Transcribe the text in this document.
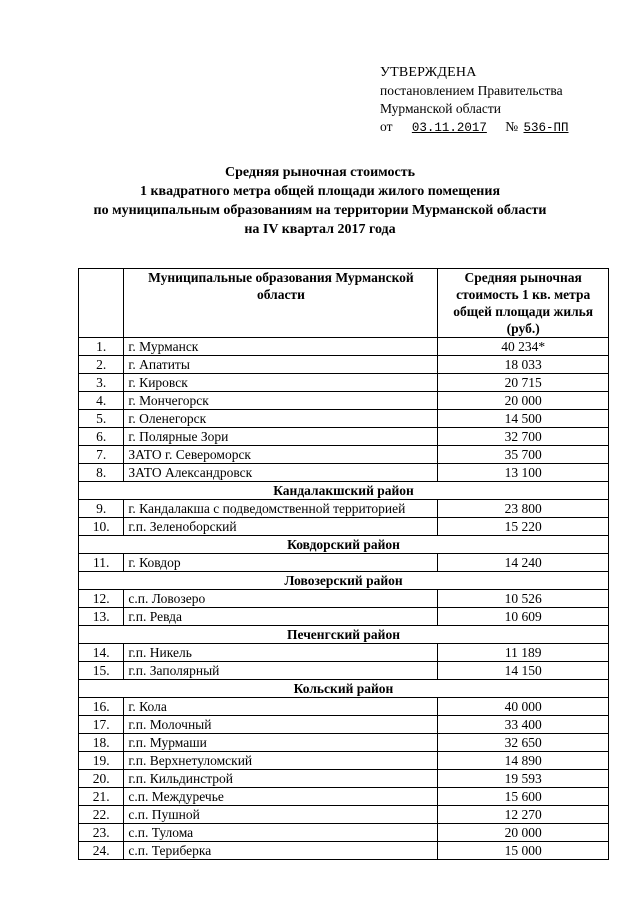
УТВЕРЖДЕНА
постановлением Правительства
Мурманской области
от 03.11.2017 № 536-ПП
Средняя рыночная стоимость
1 квадратного метра общей площади жилого помещения
по муниципальным образованиям на территории Мурманской области
на IV квартал 2017 года
	Муниципальные образования Мурманской области	Средняя рыночная стоимость 1 кв. метра общей площади жилья (руб.)
1.	г. Мурманск	40 234*
2.	г. Апатиты	18 033
3.	г. Кировск	20 715
4.	г. Мончегорск	20 000
5.	г. Оленегорск	14 500
6.	г. Полярные Зори	32 700
7.	ЗАТО г. Североморск	35 700
8.	ЗАТО Александровск	13 100
Кандалакшский район		
9.	г. Кандалакша с подведомственной территорией	23 800
10.	г.п. Зеленоборский	15 220
Ковдорский район		
11.	г. Ковдор	14 240
Ловозерский район		
12.	с.п. Ловозеро	10 526
13.	г.п. Ревда	10 609
Печенгский район		
14.	г.п. Никель	11 189
15.	г.п. Заполярный	14 150
Кольский район		
16.	г. Кола	40 000
17.	г.п. Молочный	33 400
18.	г.п. Мурмаши	32 650
19.	г.п. Верхнетуломский	14 890
20.	г.п. Кильдинстрой	19 593
21.	с.п. Междуречье	15 600
22.	с.п. Пушной	12 270
23.	с.п. Тулома	20 000
24.	с.п. Териберка	15 000
